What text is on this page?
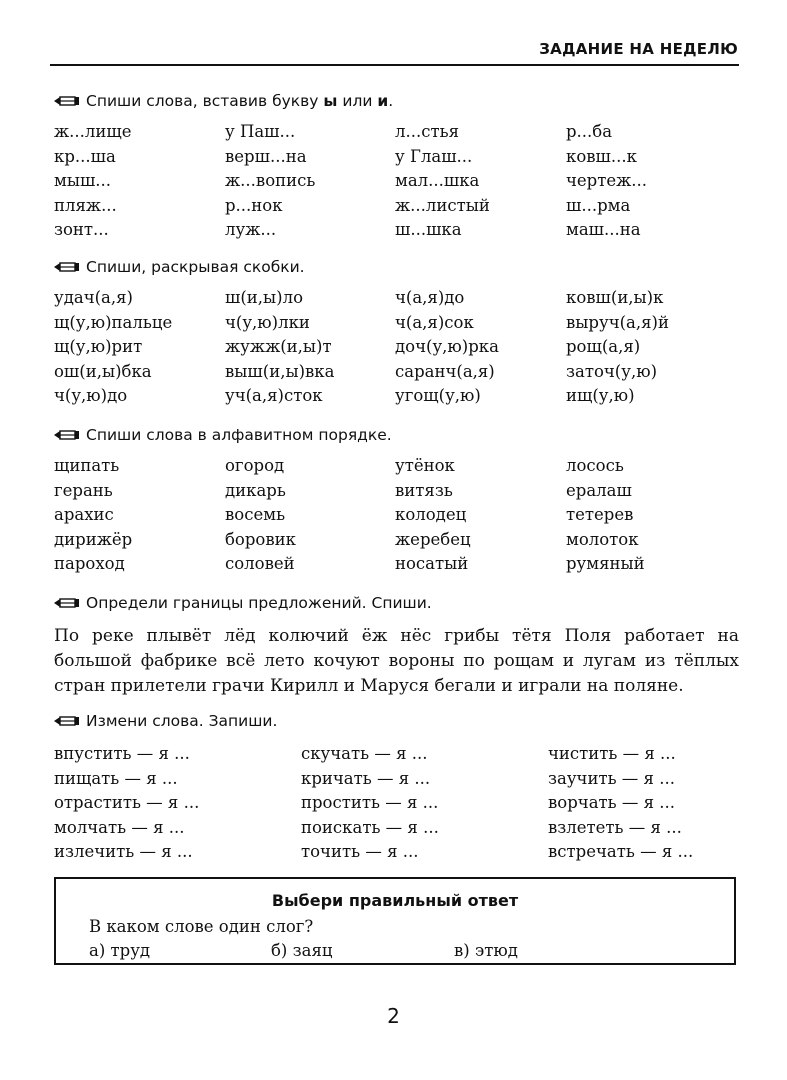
ЗАДАНИЕ НА НЕДЕЛЮ
Спиши слова, вставив букву
ы
или
и .
ж...лище	у Паш...	л...стья	р...ба
кр...ша	верш...на	у Глаш...	ковш...к
мыш...	ж...вопись	мал...шка	чертеж...
пляж...	р...нок	ж...листый	ш...рма
зонт...	луж...	ш...шка	маш...на
Спиши, раскрывая скобки.
удач(а,я)	ш(и,ы)ло	ч(а,я)до	ковш(и,ы)к
щ(у,ю)пальце	ч(у,ю)лки	ч(а,я)сок	выруч(а,я)й
щ(у,ю)рит	жужж(и,ы)т	доч(у,ю)рка	рощ(а,я)
ош(и,ы)бка	выш(и,ы)вка	саранч(а,я)	заточ(у,ю)
ч(у,ю)до	уч(а,я)сток	угощ(у,ю)	ищ(у,ю)
Спиши слова в алфавитном порядке.
щипать	огород	утёнок	лосось
герань	дикарь	витязь	ералаш
арахис	восемь	колодец	тетерев
дирижёр	боровик	жеребец	молоток
пароход	соловей	носатый	румяный
Определи границы предложений. Спиши.
По реке плывёт лёд колючий ёж нёс грибы тётя Поля работает на большой фабрике всё лето кочуют вороны по рощам и лугам из тёплых стран прилетели грачи Кирилл и Маруся бегали и играли на поляне.
Измени слова. Запиши.
впустить — я ...	скучать — я ...	чистить — я ...
пищать — я ...	кричать — я ...	заучить — я ...
отрастить — я ...	простить — я ...	ворчать — я ...
молчать — я ...	поискать — я ...	взлететь — я ...
излечить — я ...	точить — я ...	встречать — я ...
Выбери правильный ответ
В каком слове один слог?
а) труд	б) заяц	в) этюд
2
